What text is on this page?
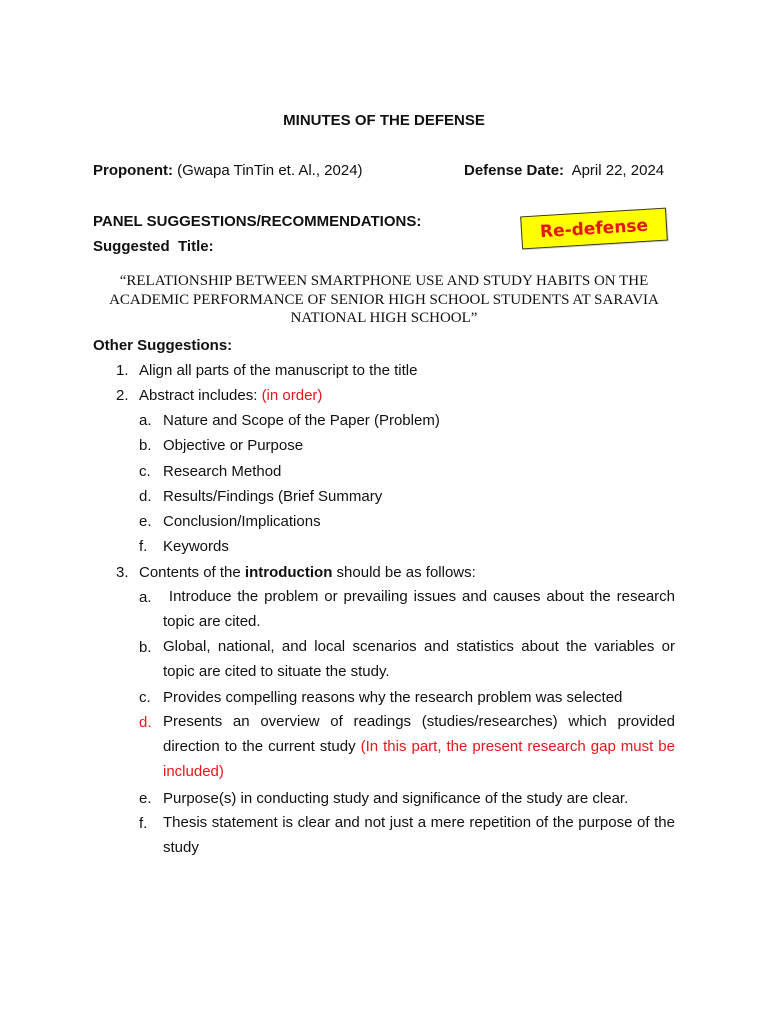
MINUTES OF THE DEFENSE
Proponent: (Gwapa TinTin et. Al., 2024)	Defense Date: April 22, 2024
PANEL SUGGESTIONS/RECOMMENDATIONS:	Re-defense
Suggested  Title:
“RELATIONSHIP BETWEEN SMARTPHONE USE AND STUDY HABITS ON THE ACADEMIC PERFORMANCE OF SENIOR HIGH SCHOOL STUDENTS AT SARAVIA NATIONAL HIGH SCHOOL”
Other Suggestions:
1. Align all parts of the manuscript to the title
2. Abstract includes: (in order)
a. Nature and Scope of the Paper (Problem)
b. Objective or Purpose
c. Research Method
d. Results/Findings (Brief Summary
e. Conclusion/Implications
f. Keywords
3. Contents of the introduction should be as follows:
a. Introduce the problem or prevailing issues and causes about the research topic are cited.
b. Global, national, and local scenarios and statistics about the variables or topic are cited to situate the study.
c. Provides compelling reasons why the research problem was selected
d. Presents an overview of readings (studies/researches) which provided direction to the current study (In this part, the present research gap must be included)
e. Purpose(s) in conducting study and significance of the study are clear.
f. Thesis statement is clear and not just a mere repetition of the purpose of the study
